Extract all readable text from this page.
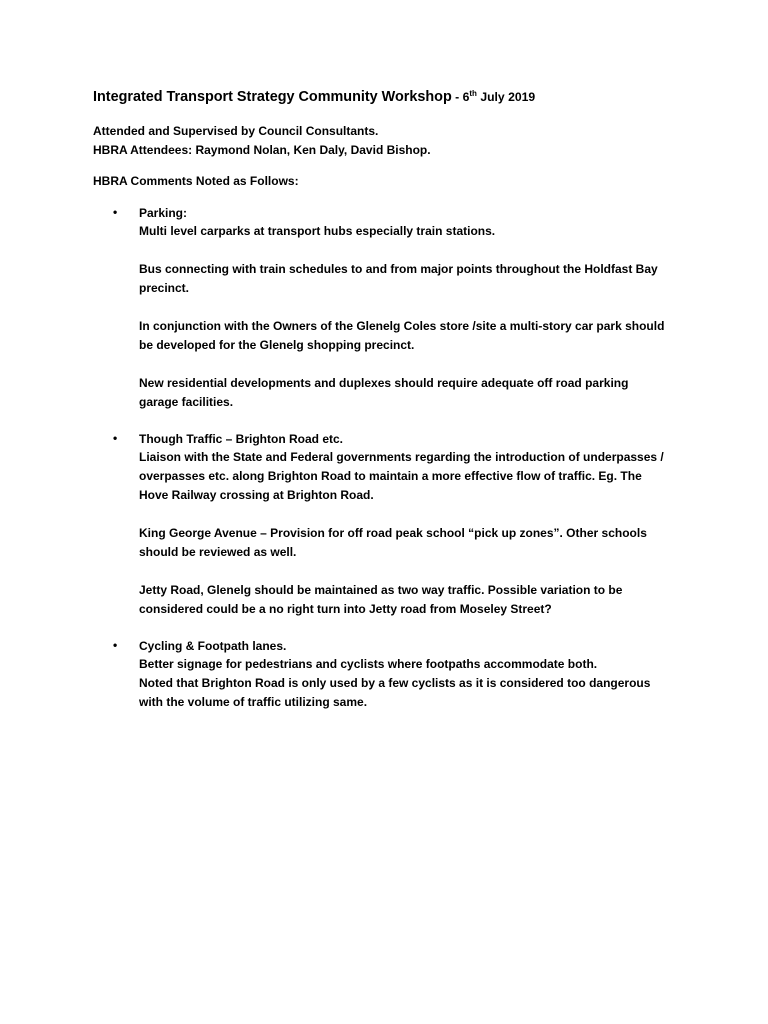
Integrated Transport Strategy Community Workshop - 6th July 2019
Attended and Supervised by Council Consultants.
HBRA Attendees: Raymond Nolan, Ken Daly, David Bishop.
HBRA Comments Noted as Follows:
•	Parking:
Multi level carparks at transport hubs especially train stations.
Bus connecting with train schedules to and from major points throughout the Holdfast Bay
precinct.
In conjunction with the Owners of the Glenelg Coles store /site a multi-story car park should
be developed for the Glenelg shopping precinct.
New residential developments and duplexes should require adequate off road parking
garage facilities.
•	Though Traffic – Brighton Road etc.
Liaison with the State and Federal governments regarding the introduction of underpasses /
overpasses etc. along Brighton Road to maintain a more effective flow of traffic. Eg. The
Hove Railway crossing at Brighton Road.
King George Avenue – Provision for off road peak school “pick up zones”. Other schools
should be reviewed as well.
Jetty Road, Glenelg should be maintained as two way traffic. Possible variation to be
considered could be a no right turn into Jetty road from Moseley Street?
•	Cycling & Footpath lanes.
Better signage for pedestrians and cyclists where footpaths accommodate both.
Noted that Brighton Road is only used by a few cyclists as it is considered too dangerous
with the volume of traffic utilizing same.
